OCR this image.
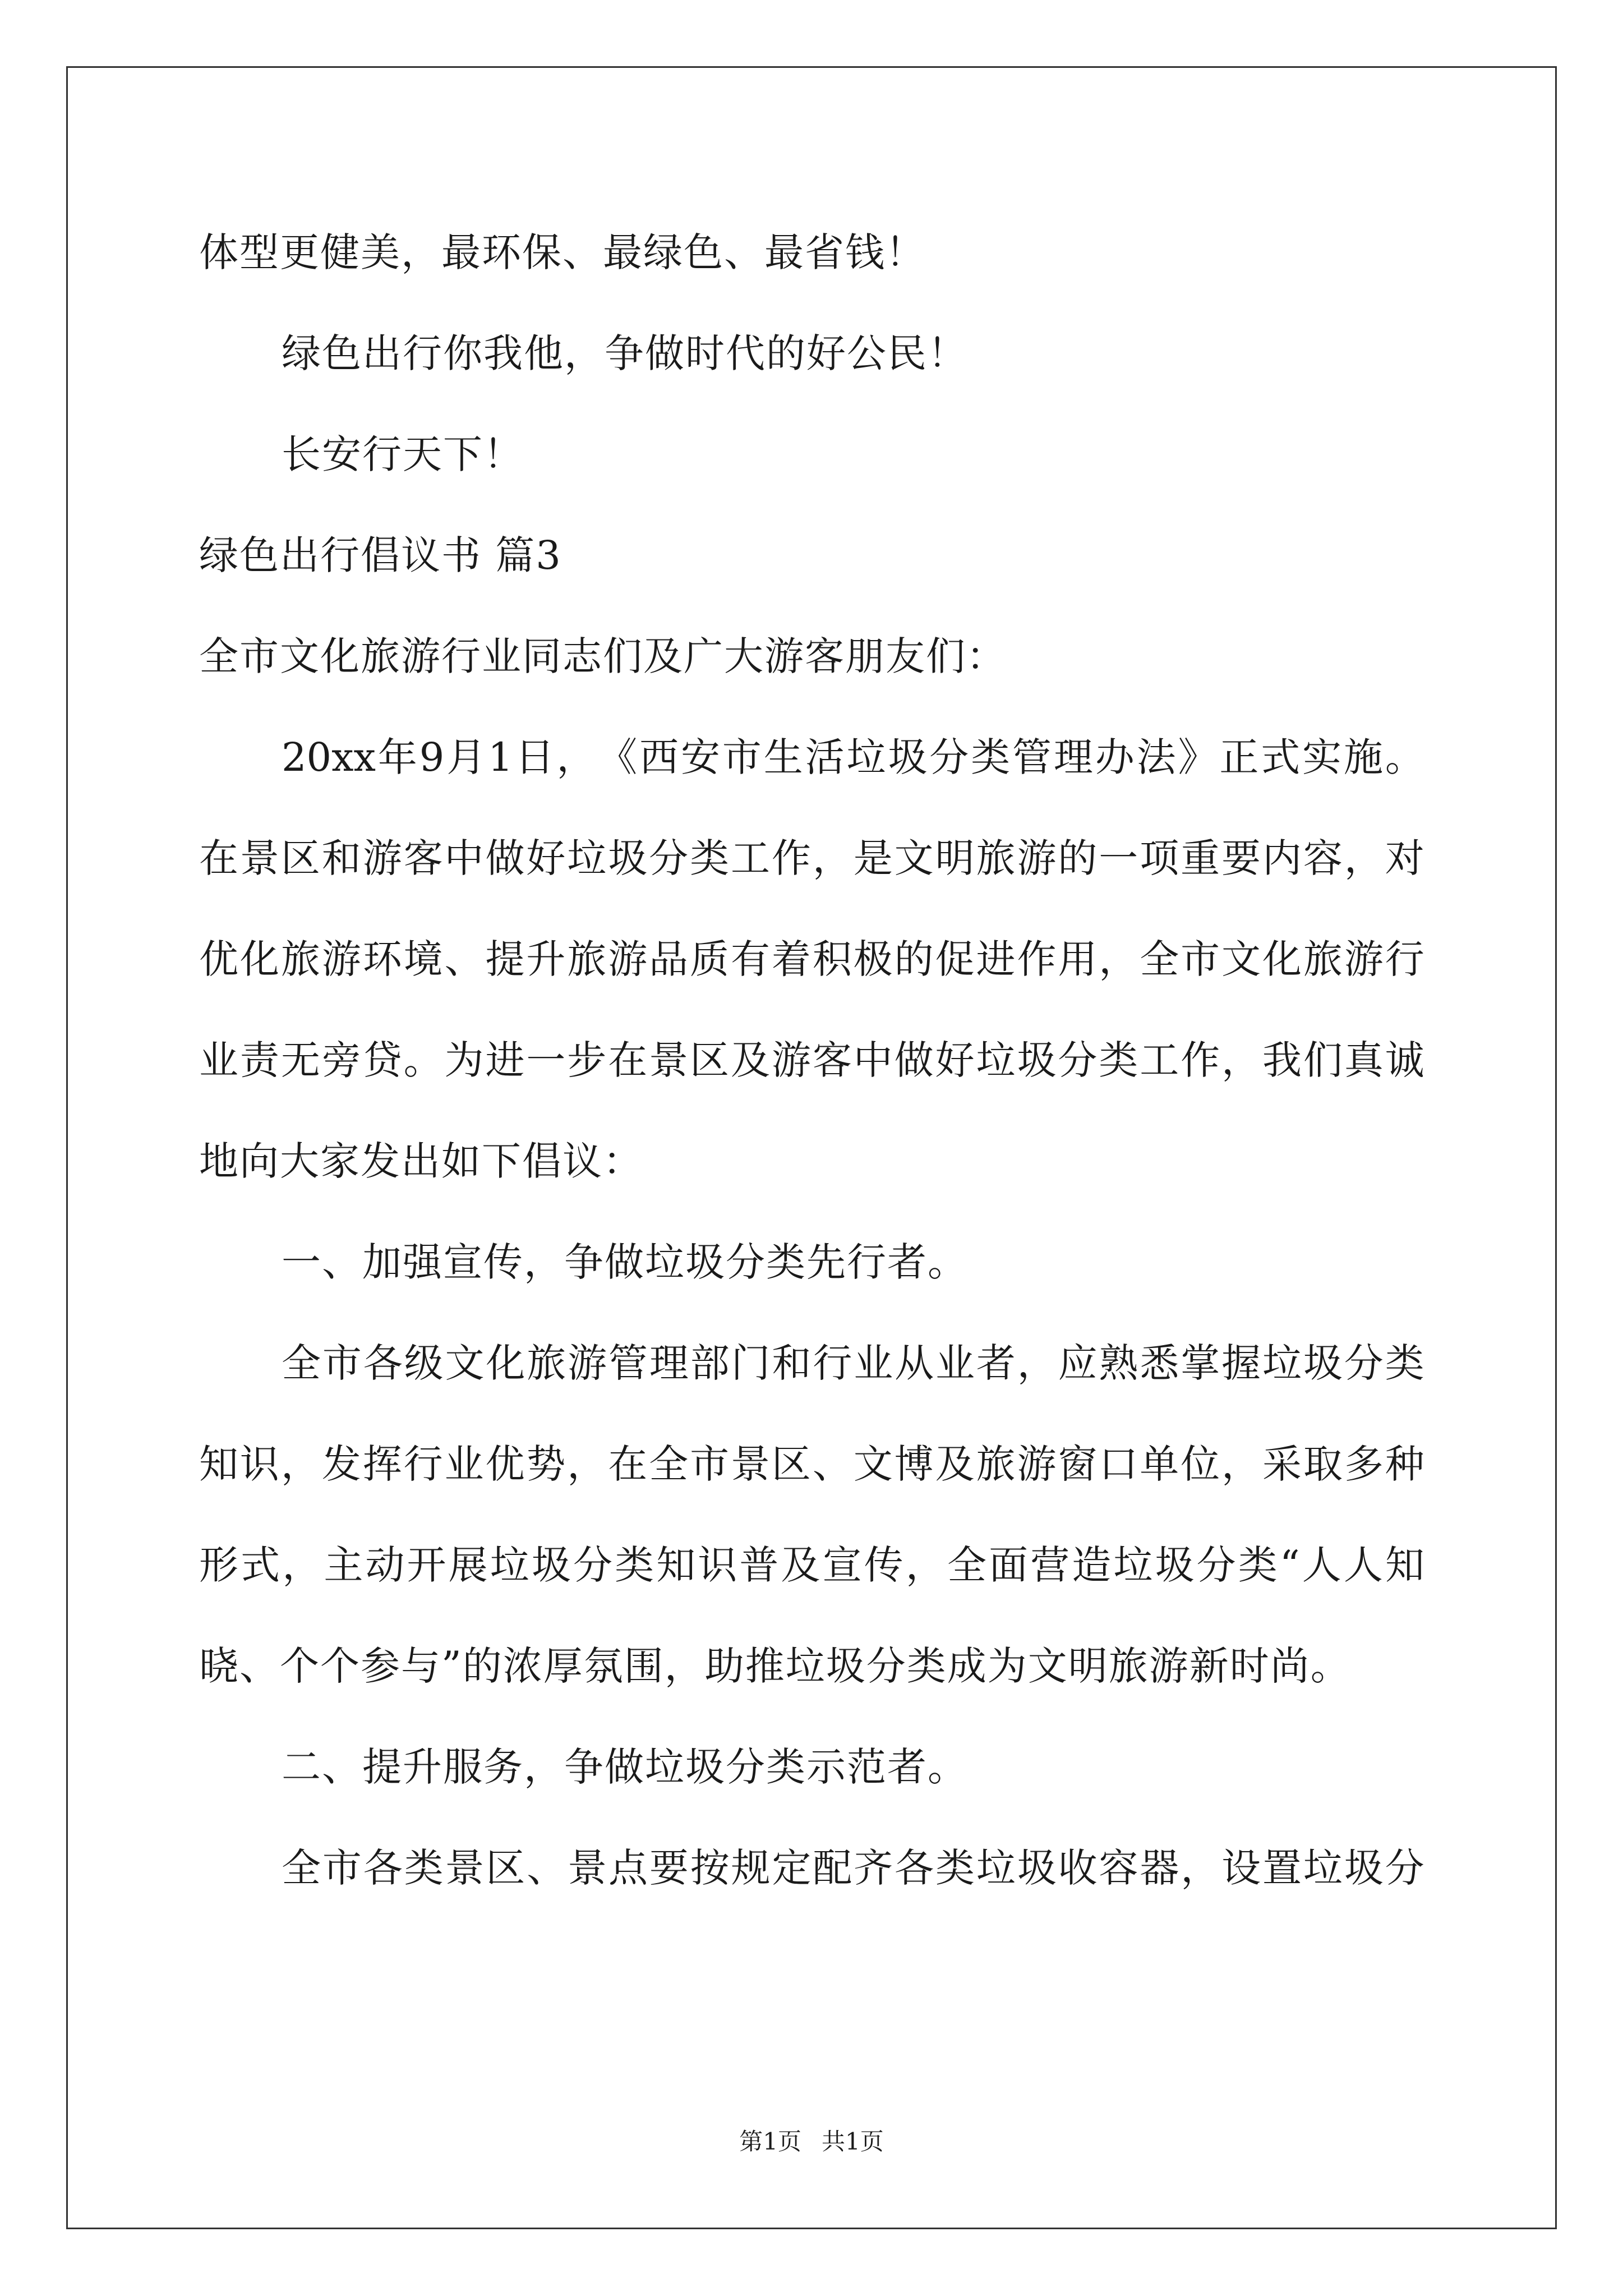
体型更健美，最环保、最绿色、最省钱！
绿色出行你我他，争做时代的好公民！
长安行天下！
绿色出行倡议书 篇3
全市文化旅游行业同志们及广大游客朋友们：
20xx 年 9 月 1 日 ， 《 西 安 市 生 活 垃 圾 分 类 管 理 办 法 》 正 式 实 施 。
在 景 区 和 游 客 中 做 好 垃 圾 分 类 工 作 ， 是 文 明 旅 游 的 一 项 重 要 内 容 ， 对
优 化 旅 游 环 境 、 提 升 旅 游 品 质 有 着 积 极 的 促 进 作 用 ， 全 市 文 化 旅 游 行
业 责 无 旁 贷 。 为 进 一 步 在 景 区 及 游 客 中 做 好 垃 圾 分 类 工 作 ， 我 们 真 诚
地向大家发出如下倡议：
一、加强宣传，争做垃圾分类先行者。
全 市 各 级 文 化 旅 游 管 理 部 门 和 行 业 从 业 者 ， 应 熟 悉 掌 握 垃 圾 分 类
知 识 ， 发 挥 行 业 优 势 ， 在 全 市 景 区 、 文 博 及 旅 游 窗 口 单 位 ， 采 取 多 种
形 式 ， 主 动 开 展 垃 圾 分 类 知 识 普 及 宣 传 ， 全 面 营 造 垃 圾 分 类 “ 人 人 知
晓、个个参与”的浓厚氛围，助推垃圾分类成为文明旅游新时尚。
二、提升服务，争做垃圾分类示范者。
全 市 各 类 景 区 、 景 点 要 按 规 定 配 齐 各 类 垃 圾 收 容 器 ， 设 置 垃 圾 分
第1页 共1页
